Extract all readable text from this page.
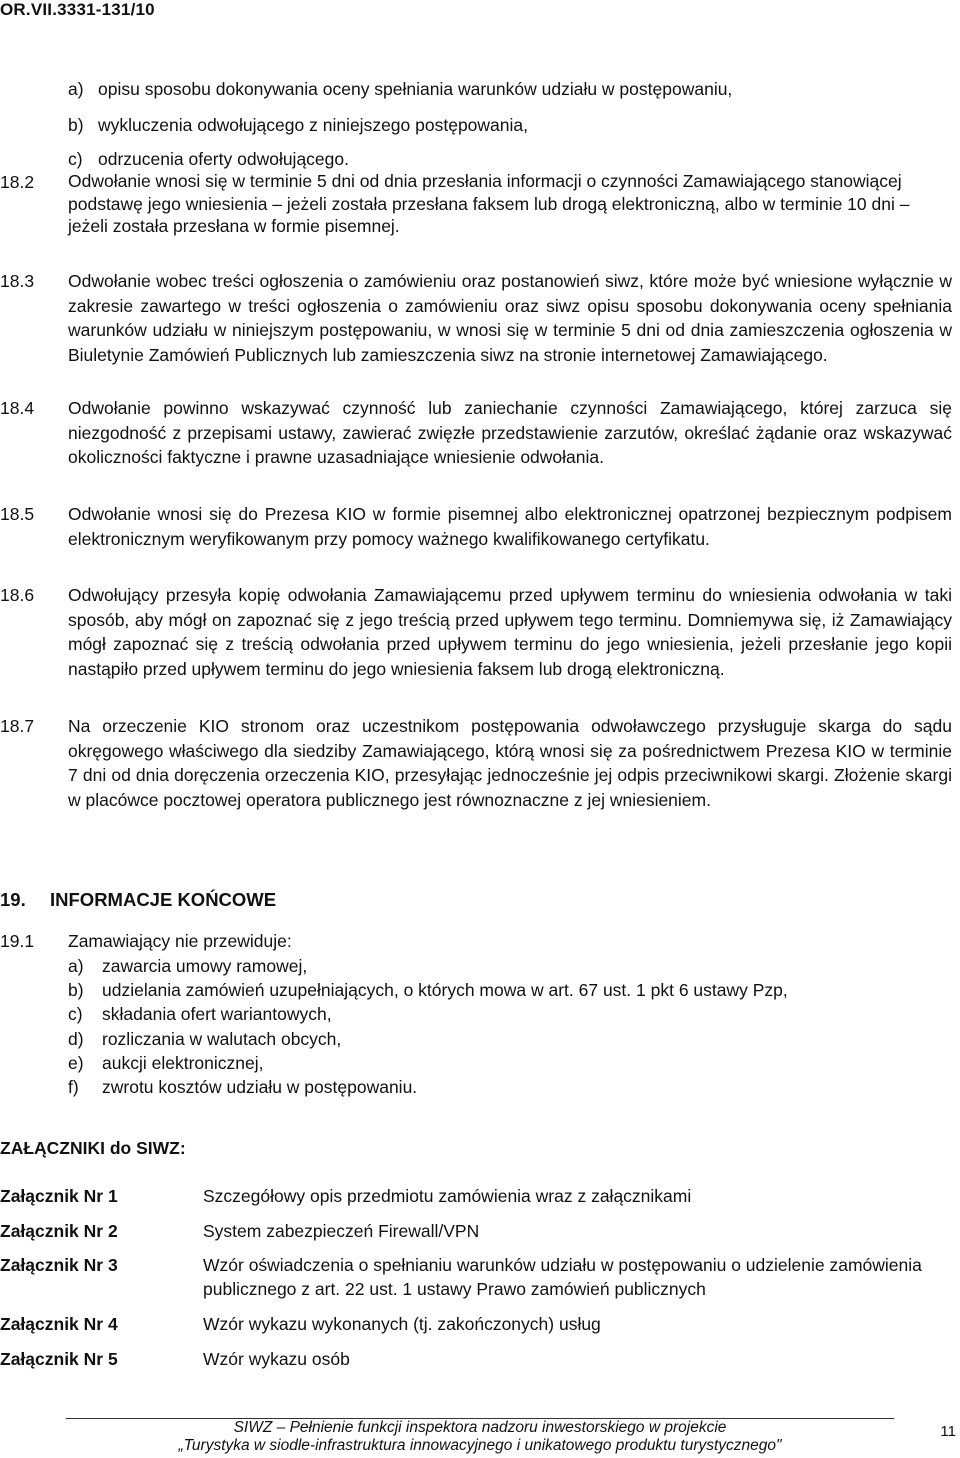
OR.VII.3331-131/10
a) opisu sposobu dokonywania oceny spełniania warunków udziału w postępowaniu,
b) wykluczenia odwołującego z niniejszego postępowania,
c) odrzucenia oferty odwołującego.
18.2 Odwołanie wnosi się w terminie 5 dni od dnia przesłania informacji o czynności Zamawiającego stanowiącej podstawę jego wniesienia – jeżeli została przesłana faksem lub drogą elektroniczną, albo w terminie 10 dni – jeżeli została przesłana w formie pisemnej.
18.3 Odwołanie wobec treści ogłoszenia o zamówieniu oraz postanowień siwz, które może być wniesione wyłącznie w zakresie zawartego w treści ogłoszenia o zamówieniu oraz siwz opisu sposobu dokonywania oceny spełniania warunków udziału w niniejszym postępowaniu, w wnosi się w terminie 5 dni od dnia zamieszczenia ogłoszenia w Biuletynie Zamówień Publicznych lub zamieszczenia siwz na stronie internetowej Zamawiającego.
18.4 Odwołanie powinno wskazywać czynność lub zaniechanie czynności Zamawiającego, której zarzuca się niezgodność z przepisami ustawy, zawierać zwięzłe przedstawienie zarzutów, określać żądanie oraz wskazywać okoliczności faktyczne i prawne uzasadniające wniesienie odwołania.
18.5 Odwołanie wnosi się do Prezesa KIO w formie pisemnej albo elektronicznej opatrzonej bezpiecznym podpisem elektronicznym weryfikowanym przy pomocy ważnego kwalifikowanego certyfikatu.
18.6 Odwołujący przesyła kopię odwołania Zamawiającemu przed upływem terminu do wniesienia odwołania w taki sposób, aby mógł on zapoznać się z jego treścią przed upływem tego terminu. Domniemywa się, iż Zamawiający mógł zapoznać się z treścią odwołania przed upływem terminu do jego wniesienia, jeżeli przesłanie jego kopii nastąpiło przed upływem terminu do jego wniesienia faksem lub drogą elektroniczną.
18.7 Na orzeczenie KIO stronom oraz uczestnikom postępowania odwoławczego przysługuje skarga do sądu okręgowego właściwego dla siedziby Zamawiającego, którą wnosi się za pośrednictwem Prezesa KIO w terminie 7 dni od dnia doręczenia orzeczenia KIO, przesyłając jednocześnie jej odpis przeciwnikowi skargi. Złożenie skargi w placówce pocztowej operatora publicznego jest równoznaczne z jej wniesieniem.
19. INFORMACJE KOŃCOWE
19.1 Zamawiający nie przewiduje:
a) zawarcia umowy ramowej,
b) udzielania zamówień uzupełniających, o których mowa w art. 67 ust. 1 pkt 6 ustawy Pzp,
c) składania ofert wariantowych,
d) rozliczania w walutach obcych,
e) aukcji elektronicznej,
f) zwrotu kosztów udziału w postępowaniu.
ZAŁĄCZNIKI do SIWZ:
Załącznik Nr 1	Szczegółowy opis przedmiotu zamówienia wraz z załącznikami
Załącznik Nr 2	System zabezpieczeń Firewall/VPN
Załącznik Nr 3	Wzór oświadczenia o spełnianiu warunków udziału w postępowaniu o udzielenie zamówienia publicznego z art. 22 ust. 1 ustawy Prawo zamówień publicznych
Załącznik Nr 4	Wzór wykazu wykonanych (tj. zakończonych) usług
Załącznik Nr 5	Wzór wykazu osób
SIWZ – Pełnienie funkcji inspektora nadzoru inwestorskiego w projekcie
„Turystyka w siodle-infrastruktura innowacyjnego i unikatowego produktu turystycznego"
11
